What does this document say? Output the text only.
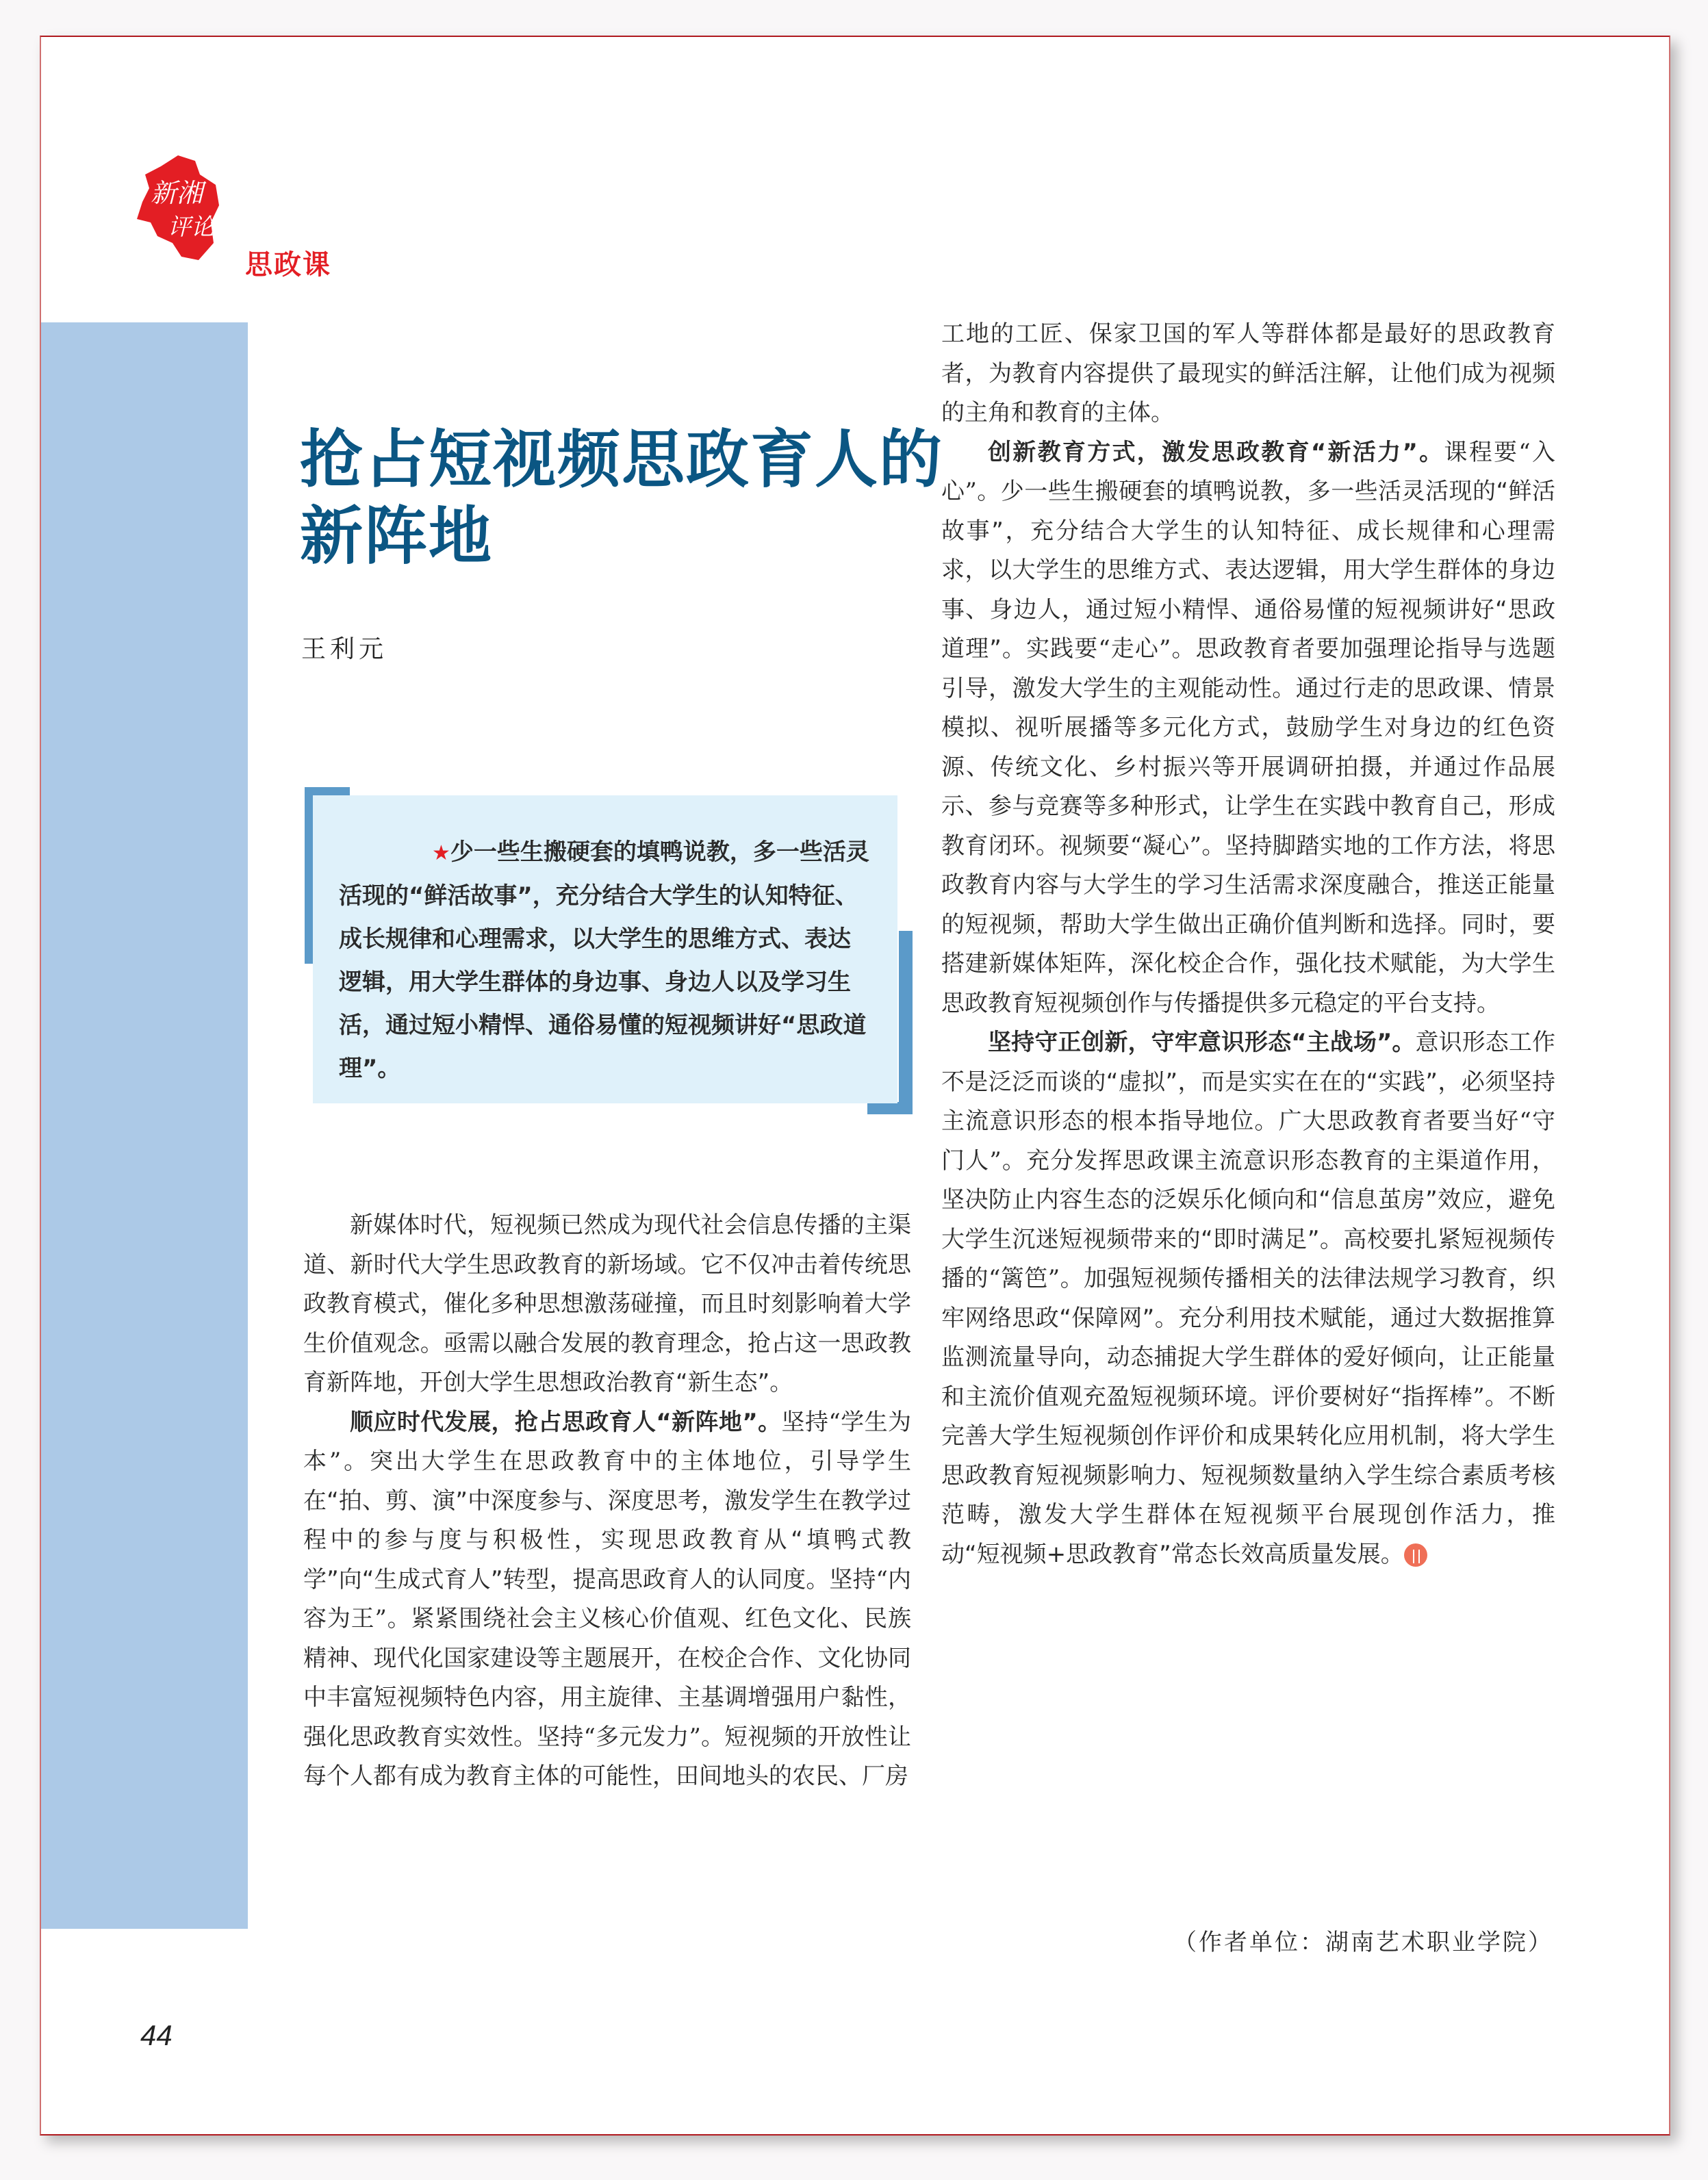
新湘
评论
思政课
抢占短视频思政育人的
新阵地
王利元
★少一些生搬硬套的填鸭说教，多一些活灵活现的“鲜活故事”，充分结合大学生的认知特征、成长规律和心理需求，以大学生的思维方式、表达逻辑，用大学生群体的身边事、身边人以及学习生活，通过短小精悍、通俗易懂的短视频讲好“思政道理”。

新媒体时代，短视频已然成为现代社会信息传播的主渠道、新时代大学生思政教育的新场域。它不仅冲击着传统思政教育模式，催化多种思想激荡碰撞，而且时刻影响着大学生价值观念。亟需以融合发展的教育理念，抢占这一思政教育新阵地，开创大学生思想政治教育“新生态”。

顺应时代发展，抢占思政育人“新阵地”。坚持“学生为本”。突出大学生在思政教育中的主体地位，引导学生在“拍、剪、演”中深度参与、深度思考，激发学生在教学过程中的参与度与积极性，实现思政教育从“填鸭式教学”向“生成式育人”转型，提高思政育人的认同度。坚持“内容为王”。紧紧围绕社会主义核心价值观、红色文化、民族精神、现代化国家建设等主题展开，在校企合作、文化协同中丰富短视频特色内容，用主旋律、主基调增强用户黏性，强化思政教育实效性。坚持“多元发力”。短视频的开放性让每个人都有成为教育主体的可能性，田间地头的农民、厂房

工地的工匠、保家卫国的军人等群体都是最好的思政教育者，为教育内容提供了最现实的鲜活注解，让他们成为视频的主角和教育的主体。

创新教育方式，激发思政教育“新活力”。课程要“入心”。少一些生搬硬套的填鸭说教，多一些活灵活现的“鲜活故事”，充分结合大学生的认知特征、成长规律和心理需求，以大学生的思维方式、表达逻辑，用大学生群体的身边事、身边人，通过短小精悍、通俗易懂的短视频讲好“思政道理”。实践要“走心”。思政教育者要加强理论指导与选题引导，激发大学生的主观能动性。通过行走的思政课、情景模拟、视听展播等多元化方式，鼓励学生对身边的红色资源、传统文化、乡村振兴等开展调研拍摄，并通过作品展示、参与竞赛等多种形式，让学生在实践中教育自己，形成教育闭环。视频要“凝心”。坚持脚踏实地的工作方法，将思政教育内容与大学生的学习生活需求深度融合，推送正能量的短视频，帮助大学生做出正确价值判断和选择。同时，要搭建新媒体矩阵，深化校企合作，强化技术赋能，为大学生思政教育短视频创作与传播提供多元稳定的平台支持。

坚持守正创新，守牢意识形态“主战场”。意识形态工作不是泛泛而谈的“虚拟”，而是实实在在的“实践”，必须坚持主流意识形态的根本指导地位。广大思政教育者要当好“守门人”。充分发挥思政课主流意识形态教育的主渠道作用，坚决防止内容生态的泛娱乐化倾向和“信息茧房”效应，避免大学生沉迷短视频带来的“即时满足”。高校要扎紧短视频传播的“篱笆”。加强短视频传播相关的法律法规学习教育，织牢网络思政“保障网”。充分利用技术赋能，通过大数据推算监测流量导向，动态捕捉大学生群体的爱好倾向，让正能量和主流价值观充盈短视频环境。评价要树好“指挥棒”。不断完善大学生短视频创作评价和成果转化应用机制，将大学生思政教育短视频影响力、短视频数量纳入学生综合素质考核范畴，激发大学生群体在短视频平台展现创作活力，推动“短视频+思政教育”常态长效高质量发展。

（作者单位：湖南艺术职业学院）
44
